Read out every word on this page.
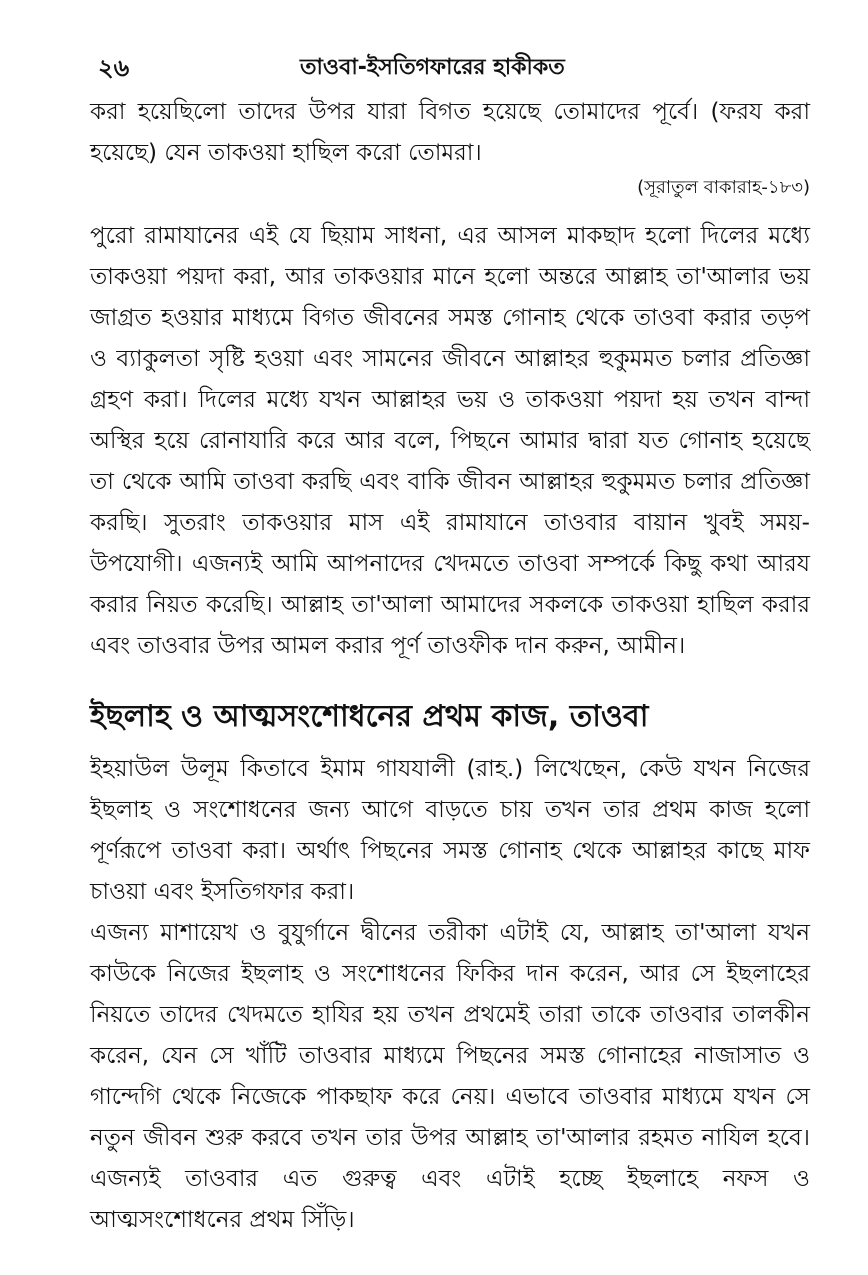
২৬	তাওবা-ইসতিগফারের হাকীকত

করা হয়েছিলো তাদের উপর যারা বিগত হয়েছে তোমাদের পূর্বে। (ফরয করা হয়েছে) যেন তাকওয়া হাছিল করো তোমরা।

(সূরাতুল বাকারাহ-১৮৩)

পুরো রামাযানের এই যে ছিয়াম সাধনা, এর আসল মাকছাদ হলো দিলের মধ্যে তাকওয়া পয়দা করা, আর তাকওয়ার মানে হলো অন্তরে আল্লাহ তা'আলার ভয় জাগ্রত হওয়ার মাধ্যমে বিগত জীবনের সমস্ত গোনাহ থেকে তাওবা করার তড়প ও ব্যাকুলতা সৃষ্টি হওয়া এবং সামনের জীবনে আল্লাহর হুকুমমত চলার প্রতিজ্ঞা গ্রহণ করা। দিলের মধ্যে যখন আল্লাহর ভয় ও তাকওয়া পয়দা হয় তখন বান্দা অস্থির হয়ে রোনাযারি করে আর বলে, পিছনে আমার দ্বারা যত গোনাহ হয়েছে তা থেকে আমি তাওবা করছি এবং বাকি জীবন আল্লাহর হুকুমমত চলার প্রতিজ্ঞা করছি। সুতরাং তাকওয়ার মাস এই রামাযানে তাওবার বায়ান খুবই সময়-উপযোগী। এজন্যই আমি আপনাদের খেদমতে তাওবা সম্পর্কে কিছু কথা আরয করার নিয়ত করেছি। আল্লাহ তা'আলা আমাদের সকলকে তাকওয়া হাছিল করার এবং তাওবার উপর আমল করার পূর্ণ তাওফীক দান করুন, আমীন।

ইছলাহ ও আত্মসংশোধনের প্রথম কাজ, তাওবা

ইহয়াউল উলূম কিতাবে ইমাম গাযযালী (রাহ.) লিখেছেন, কেউ যখন নিজের ইছলাহ ও সংশোধনের জন্য আগে বাড়তে চায় তখন তার প্রথম কাজ হলো পূর্ণরূপে তাওবা করা। অর্থাৎ পিছনের সমস্ত গোনাহ থেকে আল্লাহর কাছে মাফ চাওয়া এবং ইসতিগফার করা।

এজন্য মাশায়েখ ও বুযুর্গানে দ্বীনের তরীকা এটাই যে, আল্লাহ তা'আলা যখন কাউকে নিজের ইছলাহ ও সংশোধনের ফিকির দান করেন, আর সে ইছলাহের নিয়তে তাদের খেদমতে হাযির হয় তখন প্রথমেই তারা তাকে তাওবার তালকীন করেন, যেন সে খাঁটি তাওবার মাধ্যমে পিছনের সমস্ত গোনাহের নাজাসাত ও গান্দেগি থেকে নিজেকে পাকছাফ করে নেয়। এভাবে তাওবার মাধ্যমে যখন সে নতুন জীবন শুরু করবে তখন তার উপর আল্লাহ তা'আলার রহমত নাযিল হবে। এজন্যই তাওবার এত গুরুত্ব এবং এটাই হচ্ছে ইছলাহে নফস ও আত্মসংশোধনের প্রথম সিঁড়ি।
